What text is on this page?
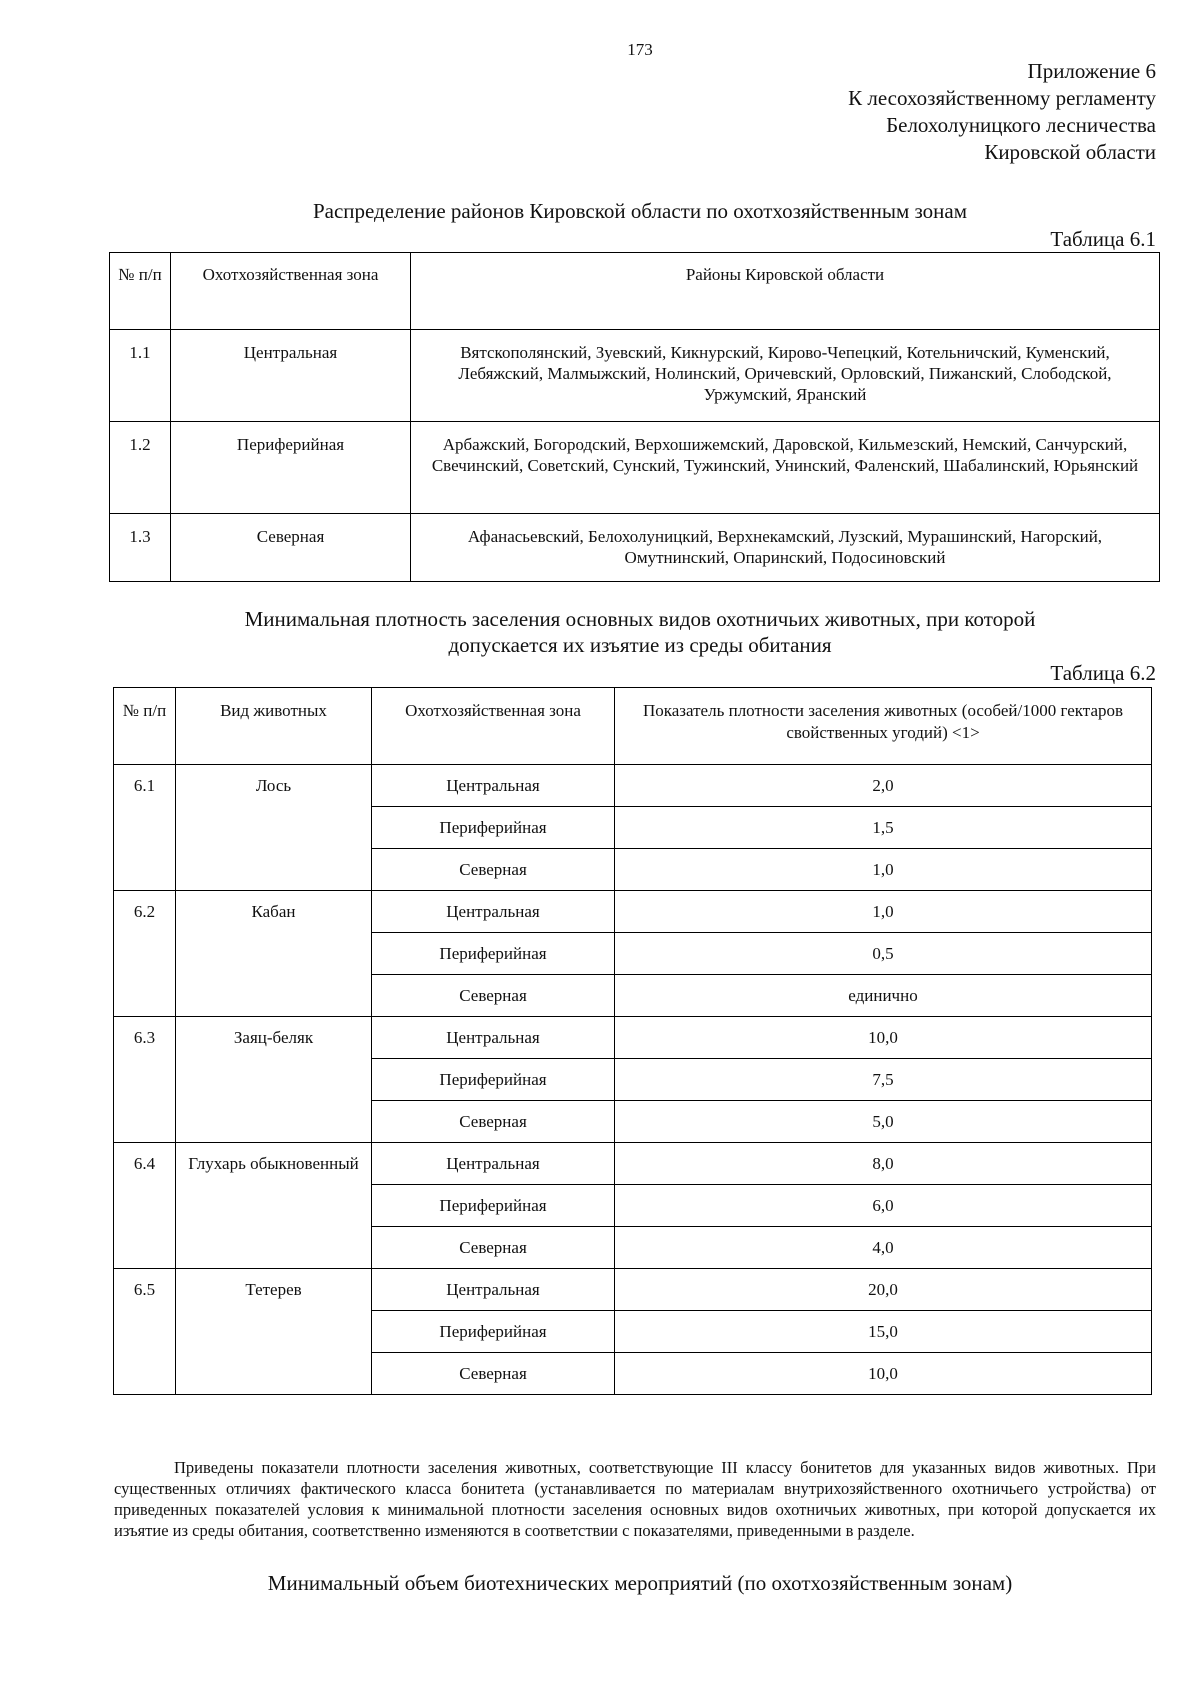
173
Приложение 6
К лесохозяйственному регламенту
Белохолуницкого лесничества
Кировской области
Распределение районов Кировской области по охотхозяйственным зонам
Таблица 6.1
№ п/п	Охотхозяйственная зона	Районы Кировской области
1.1	Центральная	Вятскополянский, Зуевский, Кикнурский, Кирово-Чепецкий, Котельничский, Куменский, Лебяжский, Малмыжский, Нолинский, Оричевский, Орловский, Пижанский, Слободской, Уржумский, Яранский
1.2	Периферийная	Арбажский, Богородский, Верхошижемский, Даровской, Кильмезский, Немский, Санчурский, Свечинский, Советский, Сунский, Тужинский, Унинский, Фаленский, Шабалинский, Юрьянский
1.3	Северная	Афанасьевский, Белохолуницкий, Верхнекамский, Лузский, Мурашинский, Нагорский, Омутнинский, Опаринский, Подосиновский
Минимальная плотность заселения основных видов охотничьих животных, при которой
допускается их изъятие из среды обитания
Таблица 6.2
№ п/п	Вид животных	Охотхозяйственная зона	Показатель плотности заселения животных (особей/1000 гектаров свойственных угодий) <1>
6.1	Лось	Центральная	2,0
		Периферийная	1,5
		Северная	1,0
6.2	Кабан	Центральная	1,0
		Периферийная	0,5
		Северная	единично
6.3	Заяц-беляк	Центральная	10,0
		Периферийная	7,5
		Северная	5,0
6.4	Глухарь обыкновенный	Центральная	8,0
		Периферийная	6,0
		Северная	4,0
6.5	Тетерев	Центральная	20,0
		Периферийная	15,0
		Северная	10,0
Приведены показатели плотности заселения животных, соответствующие III классу бонитетов для указанных видов животных. При существенных отличиях фактического класса бонитета (устанавливается по материалам внутрихозяйственного охотничьего устройства) от приведенных показателей условия к минимальной плотности заселения основных видов охотничьих животных, при которой допускается их изъятие из среды обитания, соответственно изменяются в соответствии с показателями, приведенными в разделе.
Минимальный объем биотехнических мероприятий (по охотхозяйственным зонам)
